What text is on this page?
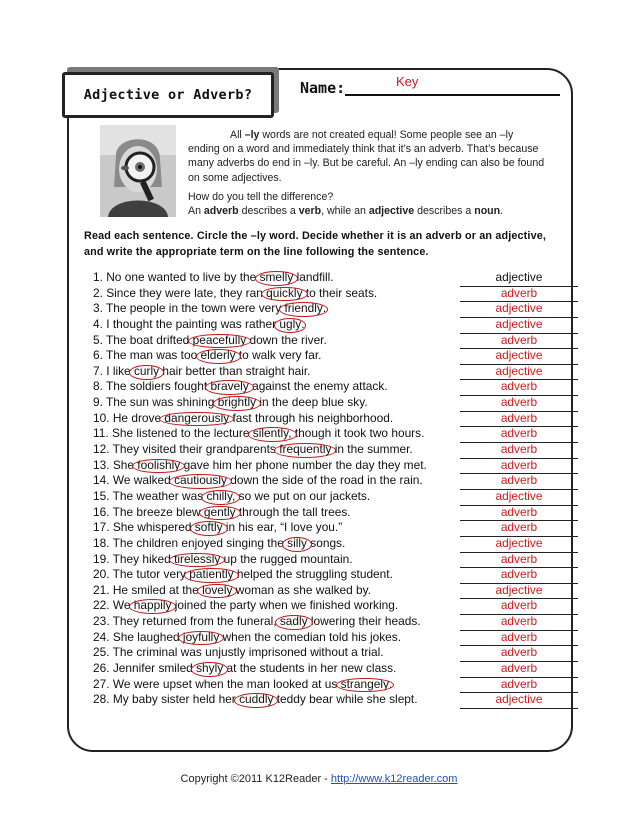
Adjective or Adverb?	Name:	Key

All –ly words are not created equal! Some people see an –ly ending on a word and immediately think that it’s an adverb. That’s because many adverbs do end in –ly. But be careful. An –ly ending can also be found on some adjectives.

How do you tell the difference?

An adverb describes a verb, while an adjective describes a noun.

Read each sentence. Circle the –ly word. Decide whether it is an adverb or an adjective, and write the appropriate term on the line following the sentence.
1. No one wanted to live by the smelly landfill.	adjective
2. Since they were late, they ran quickly to their seats.	adverb
3. The people in the town were very friendly.	adjective
4. I thought the painting was rather ugly.	adjective
5. The boat drifted peacefully down the river.	adverb
6. The man was too elderly to walk very far.	adjective
7. I like curly hair better than straight hair.	adjective
8. The soldiers fought bravely against the enemy attack.	adverb
9. The sun was shining brightly in the deep blue sky.	adverb
10. He drove dangerously fast through his neighborhood.	adverb
11. She listened to the lecture silently, though it took two hours.	adverb
12. They visited their grandparents frequently in the summer.	adverb
13. She foolishly gave him her phone number the day they met.	adverb
14. We walked cautiously down the side of the road in the rain.	adverb
15. The weather was chilly, so we put on our jackets.	adjective
16. The breeze blew gently through the tall trees.	adverb
17. She whispered softly in his ear, “I love you.”	adverb
18. The children enjoyed singing the silly songs.	adjective
19. They hiked tirelessly up the rugged mountain.	adverb
20. The tutor very patiently helped the struggling student.	adverb
21. He smiled at the lovely woman as she walked by.	adjective
22. We happily joined the party when we finished working.	adverb
23. They returned from the funeral, sadly lowering their heads.	adverb
24. She laughed joyfully when the comedian told his jokes.	adverb
25. The criminal was unjustly imprisoned without a trial.	adverb
26. Jennifer smiled shyly at the students in her new class.	adverb
27. We were upset when the man looked at us strangely.	adverb
28. My baby sister held her cuddly teddy bear while she slept.	adjective
Copyright ©2011 K12Reader - http://www.k12reader.com
